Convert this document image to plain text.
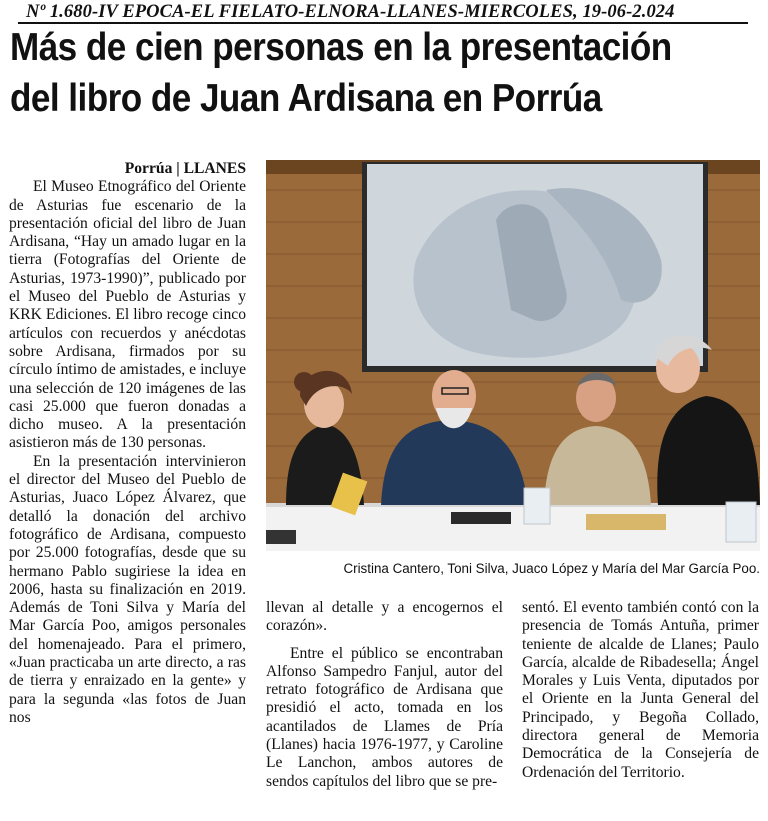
Nº 1.680-IV EPOCA-EL FIELATO-ELNORA-LLANES-MIERCOLES, 19-06-2.024
Más de cien personas en la presentación
del libro de Juan Ardisana en Porrúa
Porrúa | LLANES

El Museo Etnográfico del Oriente de Asturias fue escenario de la presentación oficial del libro de Juan Ardisana, “Hay un amado lugar en la tierra (Fotografías del Oriente de Asturias, 1973-1990)”, publicado por el Museo del Pueblo de Asturias y KRK Ediciones. El libro recoge cinco artículos con recuerdos y anécdotas sobre Ardisana, firmados por su círculo íntimo de amistades, e incluye una selección de 120 imágenes de las casi 25.000 que fueron donadas a dicho museo. A la presentación asistieron más de 130 personas.

En la presentación intervinieron el director del Museo del Pueblo de Asturias, Juaco López Álvarez, que detalló la donación del archivo fotográfico de Ardisana, compuesto por 25.000 fotografías, desde que su hermano Pablo sugiriese la idea en 2006, hasta su finalización en 2019. Además de Toni Silva y María del Mar García Poo, amigos personales del homenajeado. Para el primero, «Juan practicaba un arte directo, a ras de tierra y enraizado en la gente» y para la segunda «las fotos de Juan nos

Cristina Cantero, Toni Silva, Juaco López y María del Mar García Poo.

llevan al detalle y a encogernos el corazón».

Entre el público se encontraban Alfonso Sampedro Fanjul, autor del retrato fotográfico de Ardisana que presidió el acto, tomada en los acantilados de Llames de Pría (Llanes) hacia 1976-1977, y Caroline Le Lanchon, ambos autores de sendos capítulos del libro que se pre-

sentó. El evento también contó con la presencia de Tomás Antuña, primer teniente de alcalde de Llanes; Paulo García, alcalde de Ribadesella; Ángel Morales y Luis Venta, diputados por el Oriente en la Junta General del Principado, y Begoña Collado, directora general de Memoria Democrática de la Consejería de Ordenación del Territorio.
